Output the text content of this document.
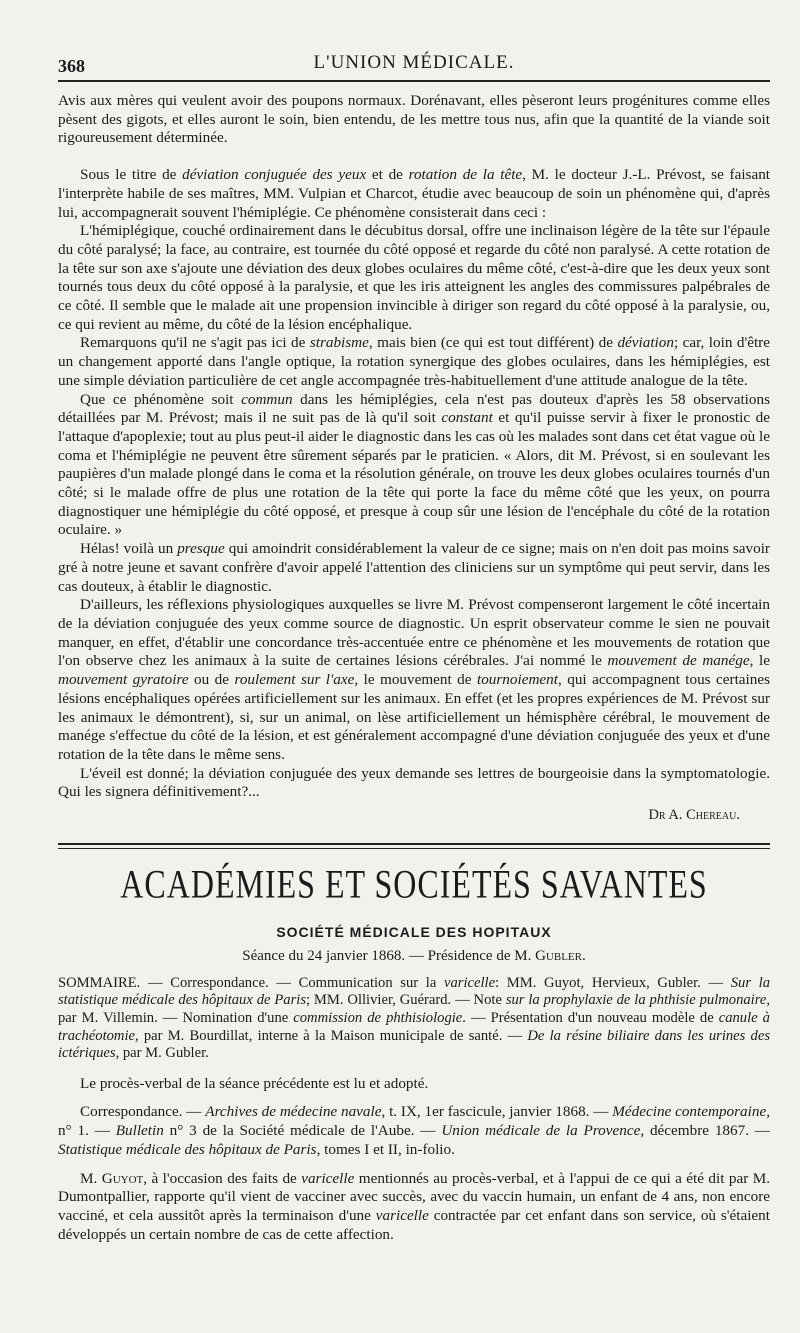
368	L'UNION MÉDICALE.

Avis aux mères qui veulent avoir des poupons normaux. Dorénavant, elles pèseront leurs progénitures comme elles pèsent des gigots, et elles auront le soin, bien entendu, de les mettre tous nus, afin que la quantité de la viande soit rigoureusement déterminée.

Sous le titre de déviation conjuguée des yeux et de rotation de la tête, M. le docteur J.-L. Prévost, se faisant l'interprète habile de ses maîtres, MM. Vulpian et Charcot, étudie avec beaucoup de soin un phénomène qui, d'après lui, accompagnerait souvent l'hémiplégie. Ce phénomène consisterait dans ceci :

L'hémiplégique, couché ordinairement dans le décubitus dorsal, offre une inclinaison légère de la tête sur l'épaule du côté paralysé; la face, au contraire, est tournée du côté opposé et regarde du côté non paralysé. A cette rotation de la tête sur son axe s'ajoute une déviation des deux globes oculaires du même côté, c'est-à-dire que les deux yeux sont tournés tous deux du côté opposé à la paralysie, et que les iris atteignent les angles des commissures palpébrales de ce côté. Il semble que le malade ait une propension invincible à diriger son regard du côté opposé à la paralysie, ou, ce qui revient au même, du côté de la lésion encéphalique.

Remarquons qu'il ne s'agit pas ici de strabisme, mais bien (ce qui est tout différent) de déviation; car, loin d'être un changement apporté dans l'angle optique, la rotation synergique des globes oculaires, dans les hémiplégies, est une simple déviation particulière de cet angle accompagnée très-habituellement d'une attitude analogue de la tête.

Que ce phénomène soit commun dans les hémiplégies, cela n'est pas douteux d'après les 58 observations détaillées par M. Prévost; mais il ne suit pas de là qu'il soit constant et qu'il puisse servir à fixer le pronostic de l'attaque d'apoplexie; tout au plus peut-il aider le diagnostic dans les cas où les malades sont dans cet état vague où le coma et l'hémiplégie ne peuvent être sûrement séparés par le praticien. « Alors, dit M. Prévost, si en soulevant les paupières d'un malade plongé dans le coma et la résolution générale, on trouve les deux globes oculaires tournés d'un côté; si le malade offre de plus une rotation de la tête qui porte la face du même côté que les yeux, on pourra diagnostiquer une hémiplégie du côté opposé, et presque à coup sûr une lésion de l'encéphale du côté de la rotation oculaire. »

Hélas! voilà un presque qui amoindrit considérablement la valeur de ce signe; mais on n'en doit pas moins savoir gré à notre jeune et savant confrère d'avoir appelé l'attention des cliniciens sur un symptôme qui peut servir, dans les cas douteux, à établir le diagnostic.

D'ailleurs, les réflexions physiologiques auxquelles se livre M. Prévost compenseront largement le côté incertain de la déviation conjuguée des yeux comme source de diagnostic. Un esprit observateur comme le sien ne pouvait manquer, en effet, d'établir une concordance très-accentuée entre ce phénomène et les mouvements de rotation que l'on observe chez les animaux à la suite de certaines lésions cérébrales. J'ai nommé le mouvement de manége, le mouvement gyratoire ou de roulement sur l'axe, le mouvement de tournoiement, qui accompagnent tous certaines lésions encéphaliques opérées artificiellement sur les animaux. En effet (et les propres expériences de M. Prévost sur les animaux le démontrent), si, sur un animal, on lèse artificiellement un hémisphère cérébral, le mouvement de manége s'effectue du côté de la lésion, et est généralement accompagné d'une déviation conjuguée des yeux et d'une rotation de la tête dans le même sens.

L'éveil est donné; la déviation conjuguée des yeux demande ses lettres de bourgeoisie dans la symptomatologie. Qui les signera définitivement?...

Dr A. Chereau.
ACADÉMIES ET SOCIÉTÉS SAVANTES
SOCIÉTÉ MÉDICALE DES HOPITAUX
Séance du 24 janvier 1868. — Présidence de M. Gubler.

SOMMAIRE. — Correspondance. — Communication sur la varicelle: MM. Guyot, Hervieux, Gubler. — Sur la statistique médicale des hôpitaux de Paris; MM. Ollivier, Guérard. — Note sur la prophylaxie de la phthisie pulmonaire, par M. Villemin. — Nomination d'une commission de phthisiologie. — Présentation d'un nouveau modèle de canule à trachéotomie, par M. Bourdillat, interne à la Maison municipale de santé. — De la résine biliaire dans les urines des ictériques, par M. Gubler.

Le procès-verbal de la séance précédente est lu et adopté.

Correspondance. — Archives de médecine navale, t. IX, 1er fascicule, janvier 1868. — Médecine contemporaine, n° 1. — Bulletin n° 3 de la Société médicale de l'Aube. — Union médicale de la Provence, décembre 1867. — Statistique médicale des hôpitaux de Paris, tomes I et II, in-folio.

M. Guyot, à l'occasion des faits de varicelle mentionnés au procès-verbal, et à l'appui de ce qui a été dit par M. Dumontpallier, rapporte qu'il vient de vacciner avec succès, avec du vaccin humain, un enfant de 4 ans, non encore vacciné, et cela aussitôt après la terminaison d'une varicelle contractée par cet enfant dans son service, où s'étaient développés un certain nombre de cas de cette affection.
